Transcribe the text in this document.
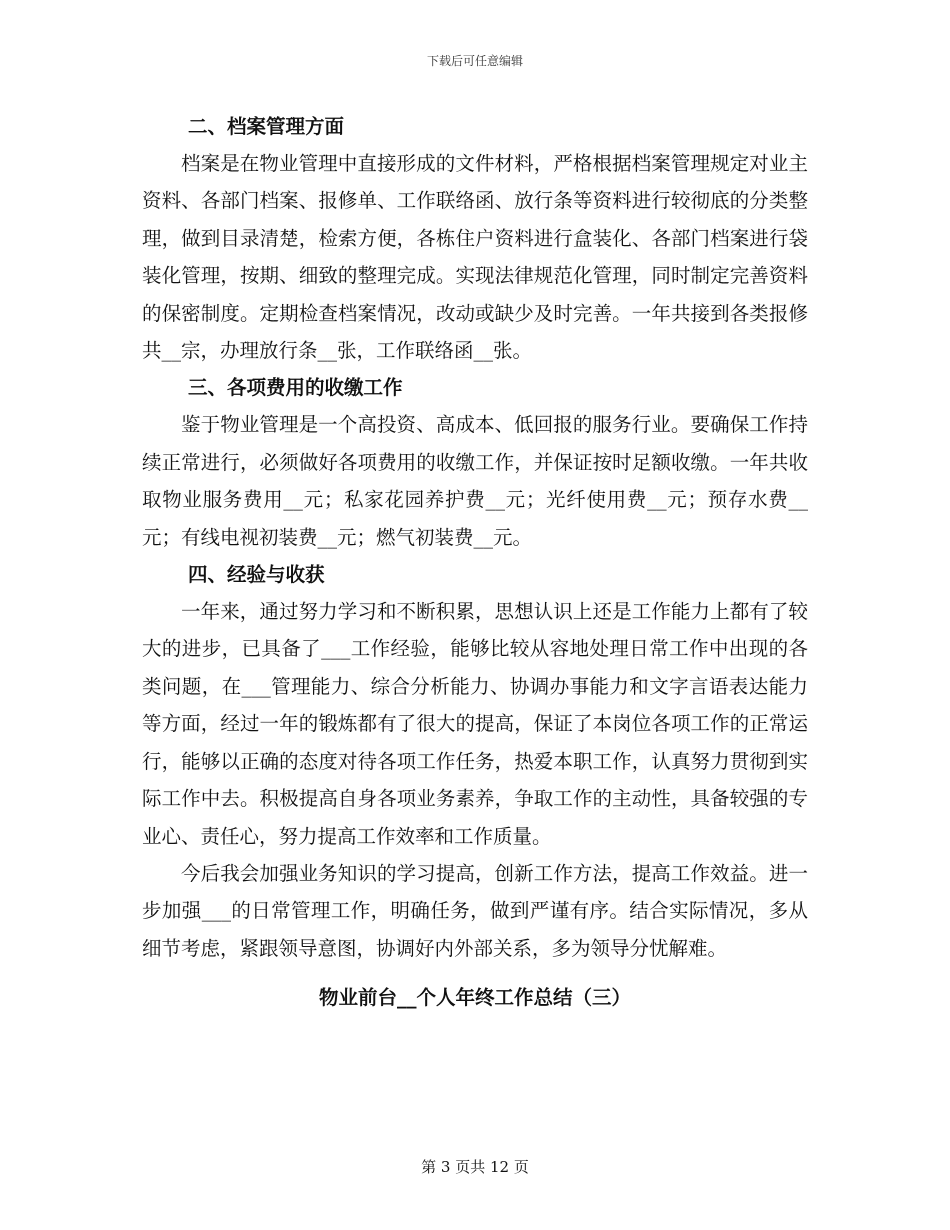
下载后可任意编辑
二、档案管理方面

档案是在物业管理中直接形成的文件材料，严格根据档案管理规定对业主资料、各部门档案、报修单、工作联络函、放行条等资料进行较彻底的分类整理，做到目录清楚，检索方便，各栋住户资料进行盒装化、各部门档案进行袋装化管理，按期、细致的整理完成。实现法律规范化管理，同时制定完善资料的保密制度。定期检查档案情况，改动或缺少及时完善。一年共接到各类报修共__宗，办理放行条__张，工作联络函__张。

三、各项费用的收缴工作

鉴于物业管理是一个高投资、高成本、低回报的服务行业。要确保工作持续正常进行，必须做好各项费用的收缴工作，并保证按时足额收缴。一年共收取物业服务费用__元；私家花园养护费__元；光纤使用费__元；预存水费__元；有线电视初装费__元；燃气初装费__元。

四、经验与收获

一年来，通过努力学习和不断积累，思想认识上还是工作能力上都有了较大的进步，已具备了___工作经验，能够比较从容地处理日常工作中出现的各类问题，在___管理能力、综合分析能力、协调办事能力和文字言语表达能力等方面，经过一年的锻炼都有了很大的提高，保证了本岗位各项工作的正常运行，能够以正确的态度对待各项工作任务，热爱本职工作，认真努力贯彻到实际工作中去。积极提高自身各项业务素养，争取工作的主动性，具备较强的专业心、责任心，努力提高工作效率和工作质量。

今后我会加强业务知识的学习提高，创新工作方法，提高工作效益。进一步加强___的日常管理工作，明确任务，做到严谨有序。结合实际情况，多从细节考虑，紧跟领导意图，协调好内外部关系，多为领导分忧解难。

物业前台__个人年终工作总结（三）
第 3 页共 12 页
